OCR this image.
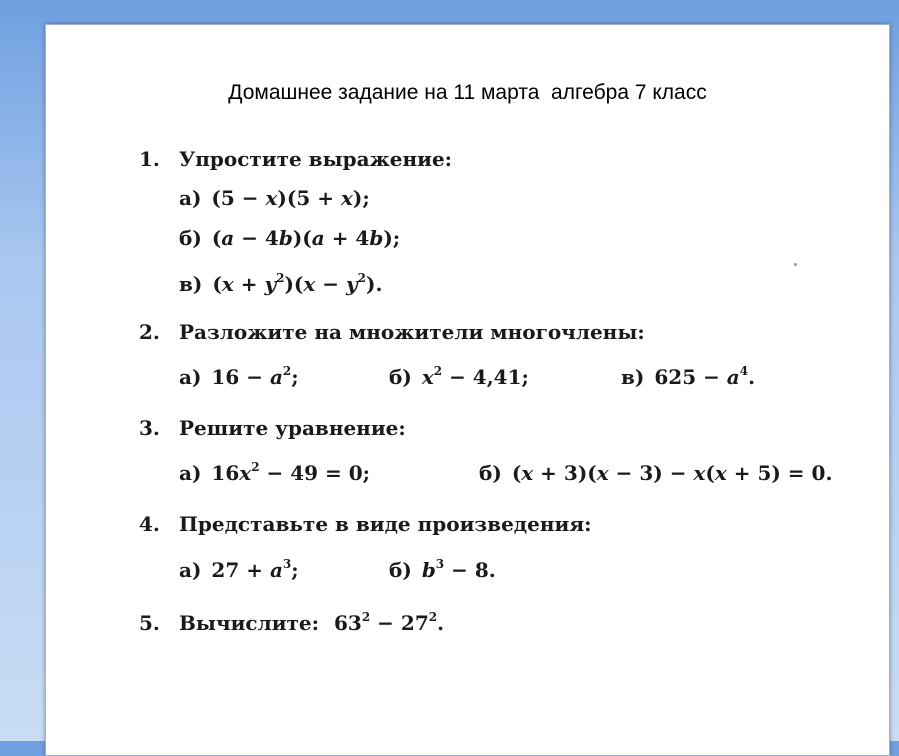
Домашнее задание на 11 марта  алгебра 7 класс
1. Упростите выражение:
а) (5 − x)(5 + x);
б) (a − 4b)(a + 4b);
в) $(x + y^2)(x - y^2)$.
2. Разложите на множители многочлены:
а) $16 - a^2$;	б) $x^2 - 4,41$;	в) $625 - a^4$.
3. Решите уравнение:
а) $16x^2 - 49 = 0$;	б) (x + 3)(x − 3) − x(x + 5) = 0.
4. Представьте в виде произведения:
а) $27 + a^3$;	б) $b^3 - 8$.
5. Вычислите: $63^2 - 27^2$.
